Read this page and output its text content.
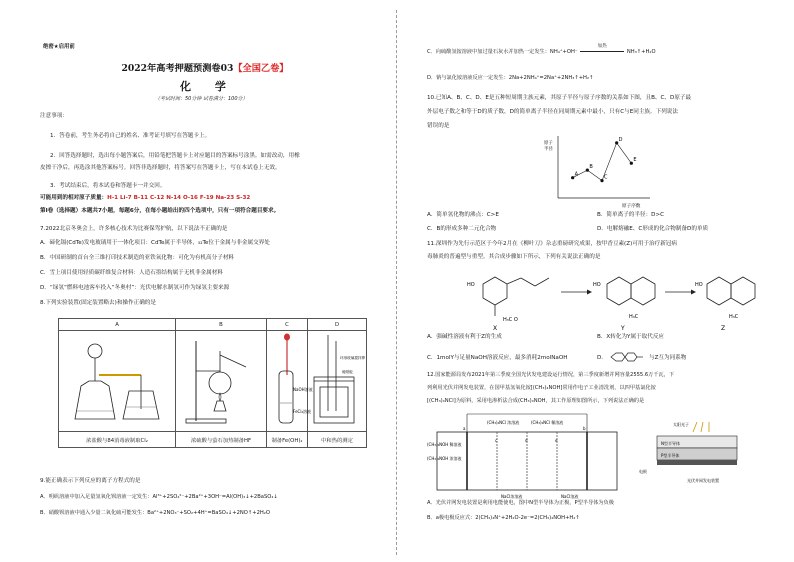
绝密★启用前
2022年高考押题预测卷03【全国乙卷】
化 学
（考试时间：50分钟 试卷满分：100分）
注意事项：
1．答卷前，考生务必将自己的姓名、准考证号填写在答题卡上。
2．回答选择题时，选出每小题答案后，用铅笔把答题卡上对应题目的答案标号涂黑。如需改动，用橡
皮擦干净后，再选涂其他答案标号。回答非选择题时，将答案写在答题卡上，写在本试卷上无效。
3．考试结束后，将本试卷和答题卡一并交回。
可能用到的相对原子质量：H-1 Li-7 B-11 C-12 N-14 O-16 F-19 Na-23 S-32
第Ⅰ卷（选择题）本题共7小题，每题6分，在每小题给出的四个选项中，只有一项符合题目要求。
7.2022北京冬奥会上，许多核心技术为比赛保驾护航，以下说法不正确的是
A．碲化镉(CdTe)发电玻璃用于一体化项目：CdTe属于半导体，₅₂Te位于金属与非金属交界处
B．中国研制的首台全三维打印技术制造的亚铁氧化物：可化为有机高分子材料
C．雪上项目使用轻质碳纤维复合材料：人造石墨结构属于无机非金属材料
D．“绿氢”燃料电池客车投入“冬奥村”：光伏电解水制氢可作为绿氢主要来源
8.下列实验装置(固定装置略去)和操作正确的是
A	B	C	D

NaOH溶液
FeCl₂溶液	环形玻璃搅拌棒
硬纸板

浓盐酸与84消毒液制取Cl₂	浓硫酸与萤石加热制备HF	制备Fe(OH)₂	中和热的测定
9.能正确表示下列反应的离子方程式的是
A．明矾溶液中加入足量氢氧化钡溶液一定发生：Al³⁺+2SO₄²⁻+2Ba²⁺+3OH⁻=Al(OH)₃↓+2BaSO₄↓
B．硝酸钡溶液中通入少量二氧化硫可能发生：Ba²⁺+2NO₃⁻+SO₂+4H⁺=BaSO₄↓+2NO↑+2H₂O
C．向硫酸氢铵溶液中加过量石灰水并加热一定发生：NH₄⁺+OH⁻
加热
NH₃↑+H₂O
D．钠与氯化铵溶液反应一定发生：2Na+2NH₄⁺=2Na⁺+2NH₃↑+H₂↑
10.已知A、B、C、D、E是五种短周期主族元素，其原子半径与原子序数的关系如下图，且B、C、D原子最
外层电子数之和等于D的质子数，D的简单离子半径在同周期元素中最小，只有C与E同主族。下列说法
错误的是
原子
半径
原子序数
A
B
C
D
E
A．简单氢化物的沸点：C>E
C．B的形成多种二元化合物
B．简单离子的半径：D>C
D．电解熔融E、C形成的化合物制备D的单质
11.深圳作为先行示范区于今年2月在《柳叶刀》杂志重磅研究成果，按甲香豆素(Z)可用于治疗新冠病
毒肺炎的普遍型与重型。其合成步骤如下所示，下列有关说法正确的是
HO
H₃C O
X
HO
H₃C
Y
HO
H₃C
Z
A．强碱性溶液有利于Z的生成	B．X转化为Y属于取代反应
C．1molY与足量NaOH溶液反应，最多消耗2molNaOH	D．	与Z互为同系物
12.国家能源局发布2021年第三季度全国光伏发电建设运行情况，第三季度新增并网容量2555.6万千瓦，下
列利用光伏并网发电装置，在国甲基氢氧化铵[(CH₃)₄NOH]常用作电子工业清洗剂，以四甲基氯化铵
[(CH₃)₄NCl]为原料，采用电渗析法合成(CH₃)₄NOH，其工作原理如图所示，下列说法正确的是
(CH₃)₄NCl 浓溶液	(CH₃)₄NCl 稀溶液
(CH₃)₄NOH 稀溶液
(CH₃)₄NOH 浓溶液
NaCl浓溶液	NaCl溶液
a	b
c	d	e
太阳光子
N型半导体
P型半导体
电极
光伏并网发电装置
A．光伏并网发电装置是利用电能使电，图中N型半导体为正极，P型半导体为负极
B．a极电极反应式：2(CH₃)₄N⁺+2H₂O-2e⁻=2(CH₃)₄NOH+H₂↑
